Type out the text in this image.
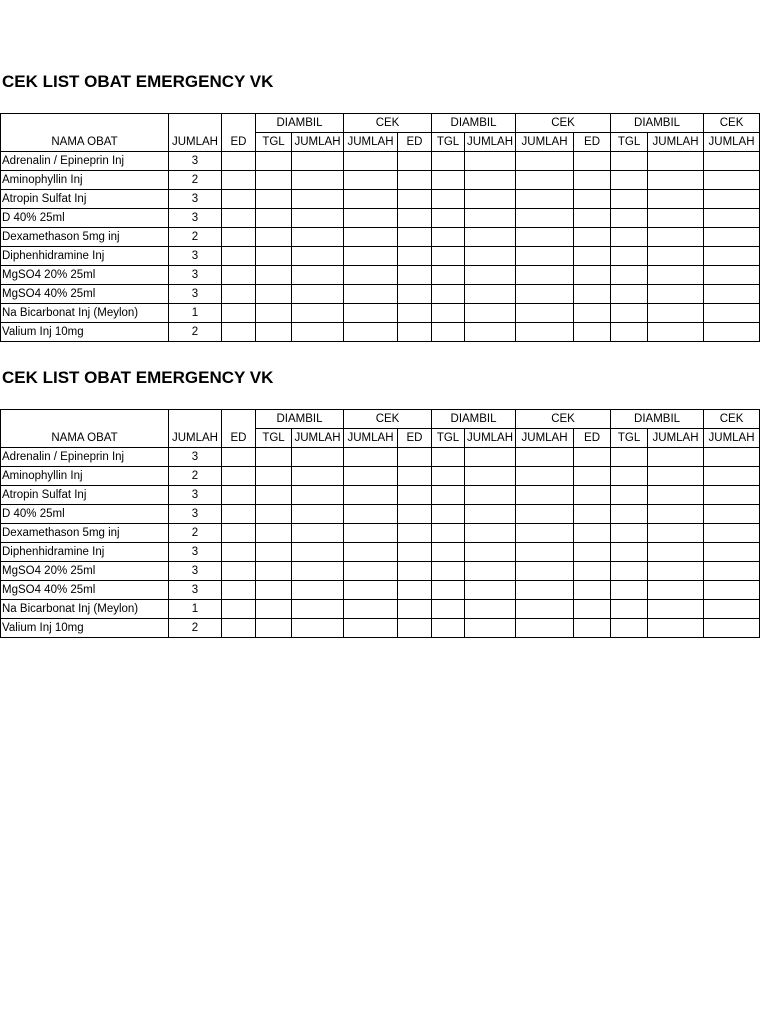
CEK LIST OBAT EMERGENCY VK
			DIAMBIL		CEK		DIAMBIL		CEK		DIAMBIL		CEK
NAMA OBAT	JUMLAH	ED	TGL	JUMLAH	JUMLAH	ED	TGL	JUMLAH	JUMLAH	ED	TGL	JUMLAH	JUMLAH
Adrenalin / Epineprin Inj	3												
Aminophyllin Inj	2												
Atropin Sulfat Inj	3												
D 40% 25ml	3												
Dexamethason 5mg inj	2												
Diphenhidramine Inj	3												
MgSO4 20% 25ml	3												
MgSO4 40% 25ml	3												
Na Bicarbonat Inj (Meylon)	1												
Valium Inj 10mg	2												
CEK LIST OBAT EMERGENCY VK
			DIAMBIL		CEK		DIAMBIL		CEK		DIAMBIL		CEK
NAMA OBAT	JUMLAH	ED	TGL	JUMLAH	JUMLAH	ED	TGL	JUMLAH	JUMLAH	ED	TGL	JUMLAH	JUMLAH
Adrenalin / Epineprin Inj	3												
Aminophyllin Inj	2												
Atropin Sulfat Inj	3												
D 40% 25ml	3												
Dexamethason 5mg inj	2												
Diphenhidramine Inj	3												
MgSO4 20% 25ml	3												
MgSO4 40% 25ml	3												
Na Bicarbonat Inj (Meylon)	1												
Valium Inj 10mg	2												
